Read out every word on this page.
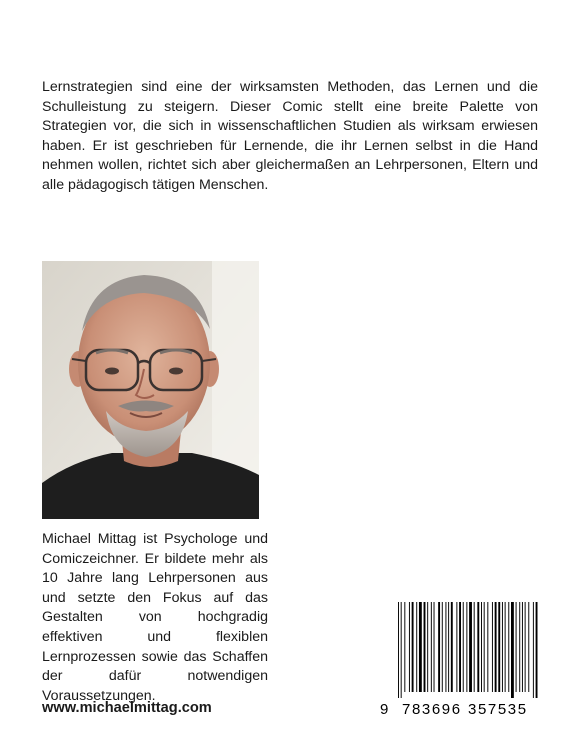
Lernstrategien sind eine der wirksamsten Methoden, das Lernen und die Schulleistung zu steigern. Dieser Comic stellt eine breite Palette von Strategien vor, die sich in wissenschaftlichen Studien als wirksam erwiesen haben. Er ist geschrieben für Lernende, die ihr Lernen selbst in die Hand nehmen wollen, richtet sich aber gleichermaßen an Lehrpersonen, Eltern und alle pädagogisch tätigen Menschen.

Michael Mittag ist Psychologe und Comiczeichner. Er bildete mehr als 10 Jahre lang Lehrpersonen aus und setzte den Fokus auf das Gestalten von hochgradig effektiven und flexiblen Lernprozessen sowie das Schaffen der dafür notwendigen Voraussetzungen.

www.michaelmittag.com	9 783696 357535
